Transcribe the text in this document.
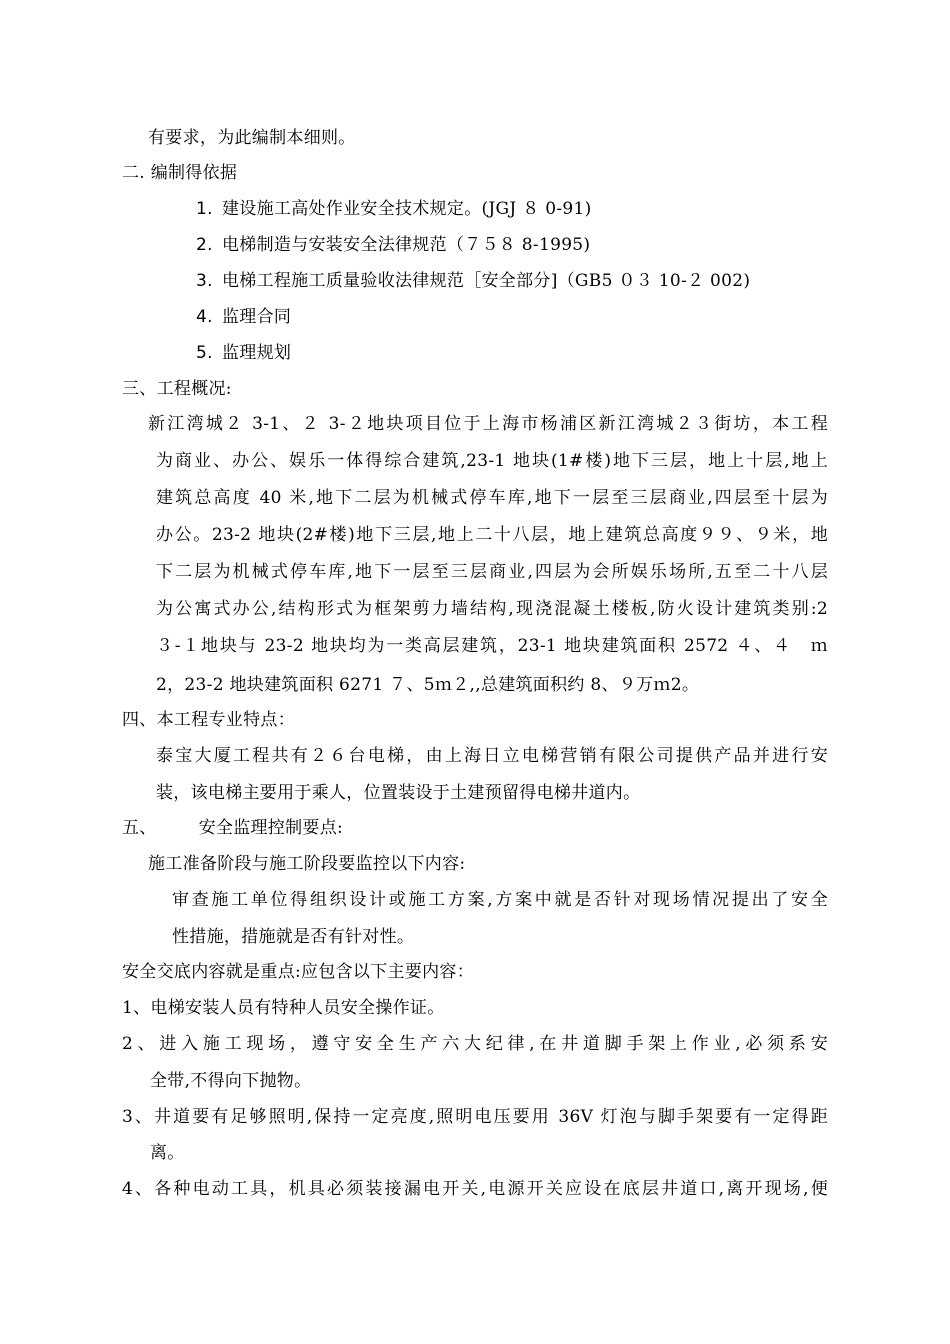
有要求，为此编制本细则。
二. 编制得依据
1. 建设施工高处作业安全技术规定。(JGJ ８ 0-91)
2. 电梯制造与安装安全法律规范（７５８ 8-1995)
3. 电梯工程施工质量验收法律规范［安全部分]（GB5 ０３ 10-２ 002)
4. 监理合同
5. 监理规划
三、工程概况:
新江湾城２ 3-1、２ 3-２地块项目位于上海市杨浦区新江湾城２３街坊，本工程
为商业、办公、娱乐一体得综合建筑,23-1 地块(1#楼)地下三层，地上十层,地上
建筑总高度 40 米,地下二层为机械式停车库,地下一层至三层商业,四层至十层为
办公。23-2 地块(2#楼)地下三层,地上二十八层，地上建筑总高度９９、９米，地
下二层为机械式停车库,地下一层至三层商业,四层为会所娱乐场所,五至二十八层
为公寓式办公,结构形式为框架剪力墙结构,现浇混凝土楼板,防火设计建筑类别:2
３-１地块与 23-2 地块均为一类高层建筑，23-1 地块建筑面积 2572 ４、４　ｍ
2，23-2 地块建筑面积 6271 ７、5ｍ２,,总建筑面积约 8、９万ｍ2。
四、本工程专业特点：
泰宝大厦工程共有２６台电梯，由上海日立电梯营销有限公司提供产品并进行安
装，该电梯主要用于乘人，位置装设于土建预留得电梯井道内。
五、 安全监理控制要点:
施工准备阶段与施工阶段要监控以下内容:
审查施工单位得组织设计或施工方案,方案中就是否针对现场情况提出了安全
性措施，措施就是否有针对性。
安全交底内容就是重点:应包含以下主要内容：
1、电梯安装人员有特种人员安全操作证。
2、进入施工现场，遵守安全生产六大纪律,在井道脚手架上作业,必须系安
全带,不得向下抛物。
3、井道要有足够照明,保持一定亮度,照明电压要用 36V 灯泡与脚手架要有一定得距
离。
4、各种电动工具，机具必须装接漏电开关,电源开关应设在底层井道口,离开现场,便
